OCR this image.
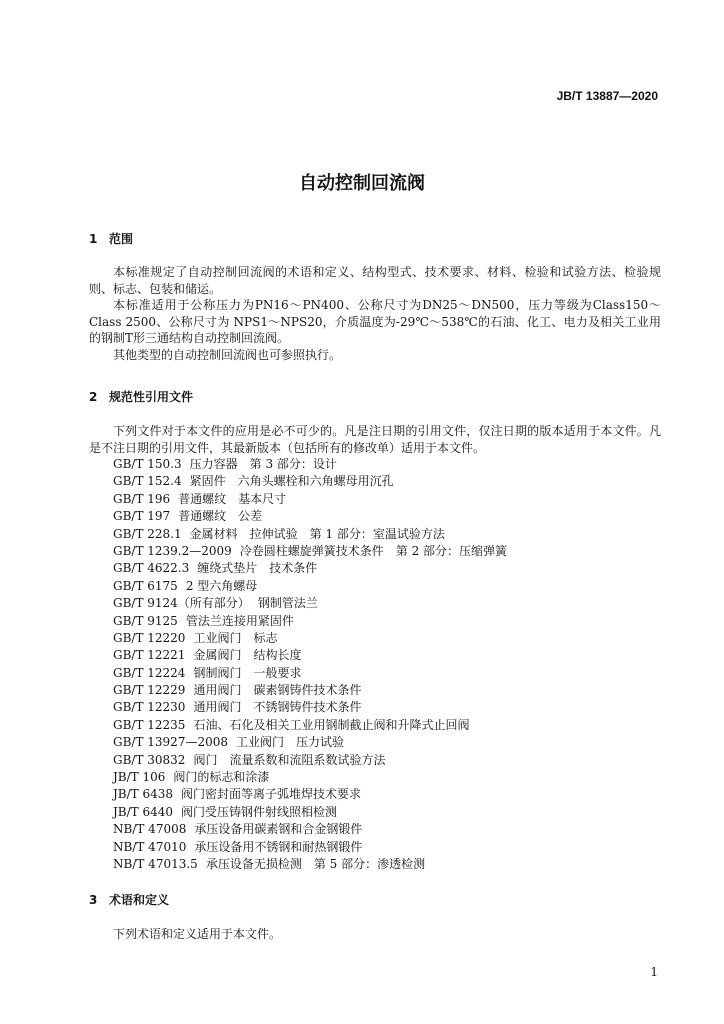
JB/T 13887—2020
自动控制回流阀
1 范围

本标准规定了自动控制回流阀的术语和定义、结构型式、技术要求、材料、检验和试验方法、检验规则、标志、包装和储运。

本标准适用于公称压力为PN16～PN400、公称尺寸为DN25～DN500，压力等级为Class150～Class 2500、公称尺寸为 NPS1～NPS20，介质温度为-29℃～538℃的石油、化工、电力及相关工业用的钢制T形三通结构自动控制回流阀。

其他类型的自动控制回流阀也可参照执行。

2 规范性引用文件

下列文件对于本文件的应用是必不可少的。凡是注日期的引用文件，仅注日期的版本适用于本文件。凡是不注日期的引用文件，其最新版本（包括所有的修改单）适用于本文件。

GB/T 150.3 压力容器　第 3 部分：设计
GB/T 152.4 紧固件　六角头螺栓和六角螺母用沉孔
GB/T 196 普通螺纹　基本尺寸
GB/T 197 普通螺纹　公差
GB/T 228.1 金属材料　拉伸试验　第 1 部分：室温试验方法
GB/T 1239.2—2009 冷卷圆柱螺旋弹簧技术条件　第 2 部分：压缩弹簧
GB/T 4622.3 缠绕式垫片　技术条件
GB/T 6175 2 型六角螺母
GB/T 9124（所有部分） 钢制管法兰
GB/T 9125 管法兰连接用紧固件
GB/T 12220 工业阀门　标志
GB/T 12221 金属阀门　结构长度
GB/T 12224 钢制阀门　一般要求
GB/T 12229 通用阀门　碳素钢铸件技术条件
GB/T 12230 通用阀门　不锈钢铸件技术条件
GB/T 12235 石油、石化及相关工业用钢制截止阀和升降式止回阀
GB/T 13927—2008 工业阀门　压力试验
GB/T 30832 阀门　流量系数和流阻系数试验方法
JB/T 106 阀门的标志和涂漆
JB/T 6438 阀门密封面等离子弧堆焊技术要求
JB/T 6440 阀门受压铸钢件射线照相检测
NB/T 47008 承压设备用碳素钢和合金钢锻件
NB/T 47010 承压设备用不锈钢和耐热钢锻件
NB/T 47013.5 承压设备无损检测　第 5 部分：渗透检测
3 术语和定义

下列术语和定义适用于本文件。

1
